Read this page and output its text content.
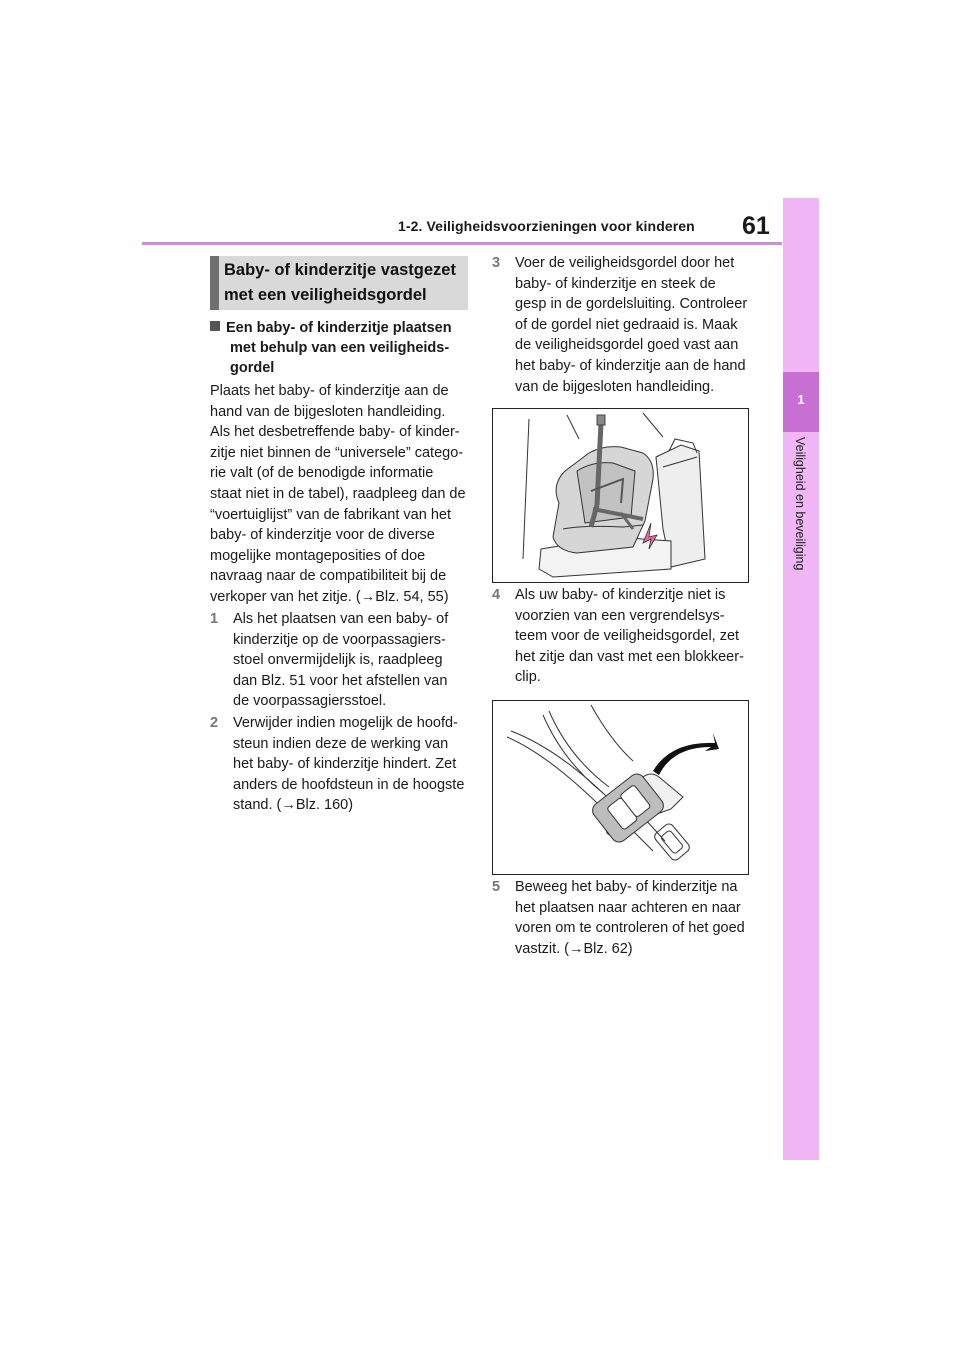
1-2. Veiligheidsvoorzieningen voor kinderen 61
1
Veiligheid en beveiliging
Baby- of kinderzitje vastgezet
met een veiligheidsgordel
Een baby- of kinderzitje plaatsen
met behulp van een veiligheids-
gordel
Plaats het baby- of kinderzitje aan de
hand van de bijgesloten handleiding.
Als het desbetreffende baby- of kinder-
zitje niet binnen de “universele” catego-
rie valt (of de benodigde informatie
staat niet in de tabel), raadpleeg dan de
“voertuiglijst” van de fabrikant van het
baby- of kinderzitje voor de diverse
mogelijke montageposities of doe
navraag naar de compatibiliteit bij de
verkoper van het zitje. (→Blz. 54, 55)
1 Als het plaatsen van een baby- of
kinderzitje op de voorpassagiers-
stoel onvermijdelijk is, raadpleeg
dan Blz. 51 voor het afstellen van
de voorpassagiersstoel.
2 Verwijder indien mogelijk de hoofd-
steun indien deze de werking van
het baby- of kinderzitje hindert. Zet
anders de hoofdsteun in de hoogste
stand. (→Blz. 160)
3 Voer de veiligheidsgordel door het
baby- of kinderzitje en steek de
gesp in de gordelsluiting. Controleer
of de gordel niet gedraaid is. Maak
de veiligheidsgordel goed vast aan
het baby- of kinderzitje aan de hand
van de bijgesloten handleiding.
4 Als uw baby- of kinderzitje niet is
voorzien van een vergrendelsys-
teem voor de veiligheidsgordel, zet
het zitje dan vast met een blokkeer-
clip.
5 Beweeg het baby- of kinderzitje na
het plaatsen naar achteren en naar
voren om te controleren of het goed
vastzit. (→Blz. 62)
